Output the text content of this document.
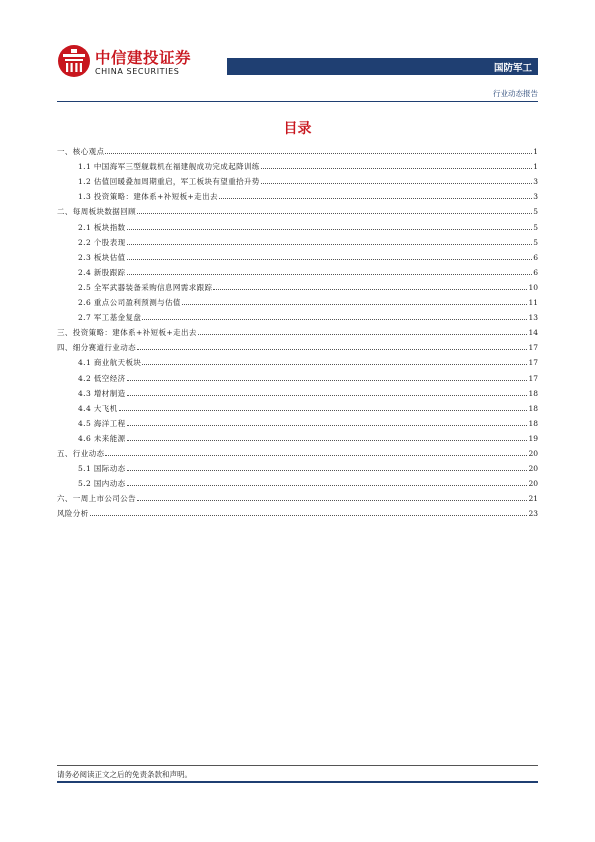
中信建投证券
CHINA SECURITIES	国防军工
行业动态报告
目录
一、核心观点	1
1.1 中国海军三型舰载机在福建舰成功完成起降训练	1
1.2 估值回暖叠加周期重启，军工板块有望重拾升势	3
1.3 投资策略：建体系+补短板+走出去	3
二、每周板块数据回顾	5
2.1 板块指数	5
2.2 个股表现	5
2.3 板块估值	6
2.4 新股跟踪	6
2.5 全军武器装备采购信息网需求跟踪	10
2.6 重点公司盈利预测与估值	11
2.7 军工基金复盘	13
三、投资策略：建体系+补短板+走出去	14
四、细分赛道行业动态	17
4.1 商业航天板块	17
4.2 低空经济	17
4.3 增材制造	18
4.4 大飞机	18
4.5 海洋工程	18
4.6 未来能源	19
五、行业动态	20
5.1 国际动态	20
5.2 国内动态	20
六、一周上市公司公告	21
风险分析	23
请务必阅读正文之后的免责条款和声明。
